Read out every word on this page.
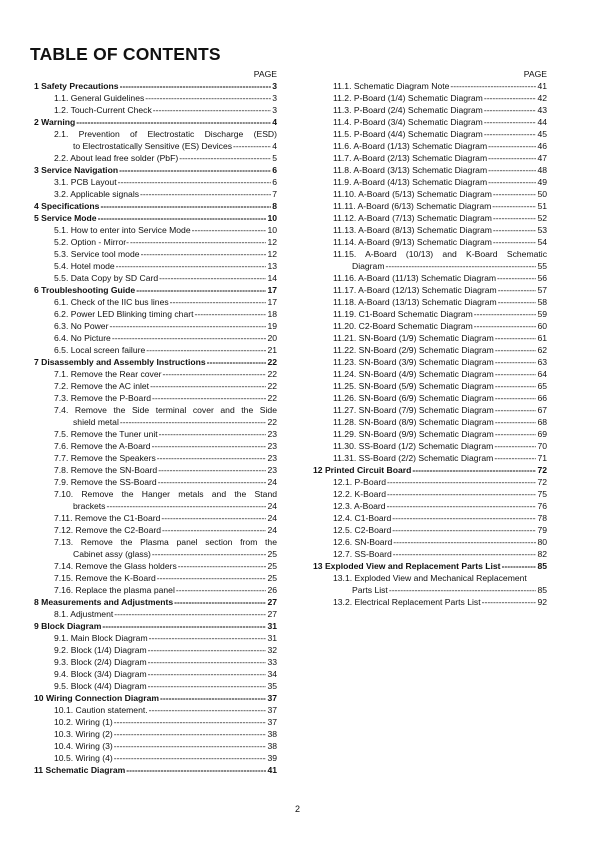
TABLE OF CONTENTS
PAGE
1 Safety Precautions -----	3
1.1. General Guidelines -----	3
1.2. Touch-Current Check -----	3
2 Warning -----	4
2.1. Prevention of Electrostatic Discharge (ESD)
to Electrostatically Sensitive (ES) Devices -----	4
2.2. About lead free solder (PbF) -----	5
3 Service Navigation -----	6
3.1. PCB Layout -----	6
3.2. Applicable signals -----	7
4 Specifications -----	8
5 Service Mode -----	10
5.1. How to enter into Service Mode -----	10
5.2. Option - Mirror- -----	12
5.3. Service tool mode -----	12
5.4. Hotel mode -----	13
5.5. Data Copy by SD Card -----	14
6 Troubleshooting Guide -----	17
6.1. Check of the IIC bus lines -----	17
6.2. Power LED Blinking timing chart -----	18
6.3. No Power -----	19
6.4. No Picture -----	20
6.5. Local screen failure -----	21
7 Disassembly and Assembly Instructions -----	22
7.1. Remove the Rear cover -----	22
7.2. Remove the AC inlet -----	22
7.3. Remove the P-Board -----	22
7.4. Remove the Side terminal cover and the Side
shield metal -----	22
7.5. Remove the Tuner unit -----	23
7.6. Remove the A-Board -----	23
7.7. Remove the Speakers -----	23
7.8. Remove the SN-Board -----	23
7.9. Remove the SS-Board -----	24
7.10. Remove the Hanger metals and the Stand
brackets -----	24
7.11. Remove the C1-Board -----	24
7.12. Remove the C2-Board -----	24
7.13. Remove the Plasma panel section from the
Cabinet assy (glass) -----	25
7.14. Remove the Glass holders -----	25
7.15. Remove the K-Board -----	25
7.16. Replace the plasma panel -----	26
8 Measurements and Adjustments -----	27
8.1. Adjustment -----	27
9 Block Diagram -----	31
9.1. Main Block Diagram -----	31
9.2. Block (1/4) Diagram -----	32
9.3. Block (2/4) Diagram -----	33
9.4. Block (3/4) Diagram -----	34
9.5. Block (4/4) Diagram -----	35
10 Wiring Connection Diagram -----	37
10.1. Caution statement. -----	37
10.2. Wiring (1) -----	37
10.3. Wiring (2) -----	38
10.4. Wiring (3) -----	38
10.5. Wiring (4) -----	39
11 Schematic Diagram -----	41
PAGE
11.1. Schematic Diagram Note -----	41
11.2. P-Board (1/4) Schematic Diagram -----	42
11.3. P-Board (2/4) Schematic Diagram -----	43
11.4. P-Board (3/4) Schematic Diagram -----	44
11.5. P-Board (4/4) Schematic Diagram -----	45
11.6. A-Board (1/13) Schematic Diagram -----	46
11.7. A-Board (2/13) Schematic Diagram -----	47
11.8. A-Board (3/13) Schematic Diagram -----	48
11.9. A-Board (4/13) Schematic Diagram -----	49
11.10. A-Board (5/13) Schematic Diagram -----	50
11.11. A-Board (6/13) Schematic Diagram -----	51
11.12. A-Board (7/13) Schematic Diagram -----	52
11.13. A-Board (8/13) Schematic Diagram -----	53
11.14. A-Board (9/13) Schematic Diagram -----	54
11.15. A-Board (10/13) and K-Board Schematic
Diagram -----	55
11.16. A-Board (11/13) Schematic Diagram -----	56
11.17. A-Board (12/13) Schematic Diagram -----	57
11.18. A-Board (13/13) Schematic Diagram -----	58
11.19. C1-Board Schematic Diagram -----	59
11.20. C2-Board Schematic Diagram -----	60
11.21. SN-Board (1/9) Schematic Diagram -----	61
11.22. SN-Board (2/9) Schematic Diagram -----	62
11.23. SN-Board (3/9) Schematic Diagram -----	63
11.24. SN-Board (4/9) Schematic Diagram -----	64
11.25. SN-Board (5/9) Schematic Diagram -----	65
11.26. SN-Board (6/9) Schematic Diagram -----	66
11.27. SN-Board (7/9) Schematic Diagram -----	67
11.28. SN-Board (8/9) Schematic Diagram -----	68
11.29. SN-Board (9/9) Schematic Diagram -----	69
11.30. SS-Board (1/2) Schematic Diagram -----	70
11.31. SS-Board (2/2) Schematic Diagram -----	71
12 Printed Circuit Board -----	72
12.1. P-Board -----	72
12.2. K-Board -----	75
12.3. A-Board -----	76
12.4. C1-Board -----	78
12.5. C2-Board -----	79
12.6. SN-Board -----	80
12.7. SS-Board -----	82
13 Exploded View and Replacement Parts List -----	85
13.1. Exploded View and Mechanical Replacement
Parts List -----	85
13.2. Electrical Replacement Parts List -----	92
2
